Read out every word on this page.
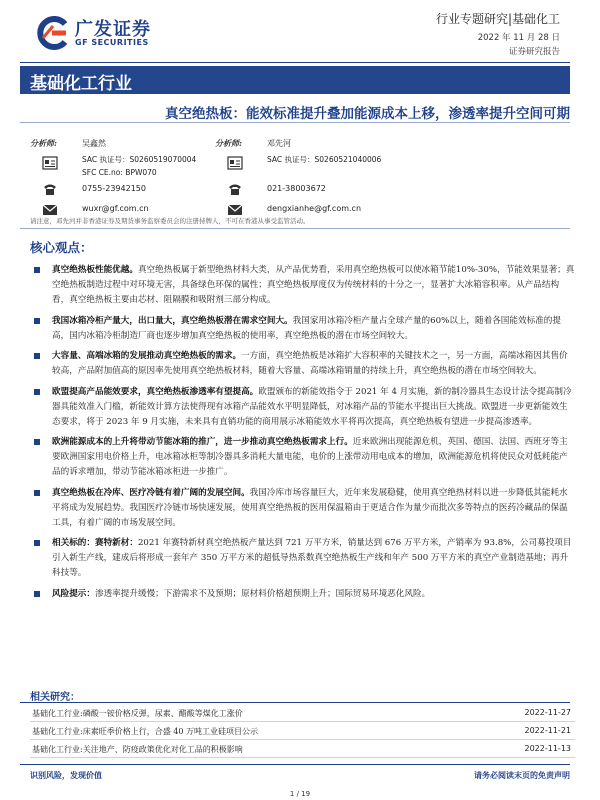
广发证券
GF SECURITIES
行业专题研究|基础化工
2022 年 11 月 28 日
证券研究报告
基础化工行业
真空绝热板：能效标准提升叠加能源成本上移，渗透率提升空间可期
分析师:	吴鑫然
SAC 执证号：S0260519070004
SFC CE.no: BPW070
0755-23942150
wuxr@gf.com.cn
分析师:	邓先河
SAC 执证号：S0260521040006
021-38003672
dengxianhe@gf.com.cn
请注意，邓先河并非香港证券及期货事务监察委员会的注册持牌人，不可在香港从事受监管活动。
核心观点：
真空绝热板性能优越。真空绝热板属于新型绝热材料大类，从产品优势看，采用真空绝热板可以使冰箱节能10%-30%，节能效果显著；真空绝热板制造过程中对环境无害，具备绿色环保的属性；真空绝热板厚度仅为传统材料的十分之一，显著扩大冰箱容积率。从产品结构看，真空绝热板主要由芯材、阻隔膜和吸附剂三部分构成。
我国冰箱冷柜产量大，出口量大，真空绝热板潜在需求空间大。我国家用冰箱冷柜产量占全球产量的60%以上，随着各国能效标准的提高，国内冰箱冷柜制造厂商也逐步增加真空绝热板的使用率，真空绝热板的潜在市场空间较大。
大容量、高端冰箱的发展推动真空绝热板的需求。一方面，真空绝热板是冰箱扩大容积率的关键技术之一，另一方面，高端冰箱因其售价较高，产品附加值高的原因率先使用真空绝热板材料，随着大容量、高端冰箱销量的持续上升，真空绝热板的潜在市场空间较大。
欧盟提高产品能效要求，真空绝热板渗透率有望提高。欧盟颁布的新能效指令于 2021 年 4 月实施，新的制冷器具生态设计法令提高制冷器具能效准入门槛，新能效计算方法使得现有冰箱产品能效水平明显降低，对冰箱产品的节能水平提出巨大挑战。欧盟进一步更新能效生态要求，将于 2023 年 9 月实施，未来具有直销功能的商用展示冰箱能效水平将再次提高，真空绝热板有望进一步提高渗透率。
欧洲能源成本的上升将带动节能冰箱的推广，进一步推动真空绝热板需求上行。近来欧洲出现能源危机，英国、德国、法国、西班牙等主要欧洲国家用电价格上升，电冰箱冰柜等制冷器具多消耗大量电能，电价的上涨带动用电成本的增加，欧洲能源危机将使民众对低耗能产品的诉求增加，带动节能冰箱冰柜进一步推广。
真空绝热板在冷库、医疗冷链有着广阔的发展空间。我国冷库市场容量巨大，近年来发展稳健，使用真空绝热材料以进一步降低其能耗水平将成为发展趋势。我国医疗冷链市场快速发展，使用真空绝热板的医用保温箱由于更适合作为量少而批次多等特点的医药冷藏品的保温工具，有着广阔的市场发展空间。
相关标的：赛特新材：2021 年赛特新材真空绝热板产量达到 721 万平方米，销量达到 676 万平方米，产销率为 93.8%，公司募投项目引入新生产线，建成后将形成一套年产 350 万平方米的超低导热系数真空绝热板生产线和年产 500 万平方米的真空产业制造基地；再升科技等。
风险提示：渗透率提升缓慢；下游需求不及预期；原材料价格超预期上升；国际贸易环境恶化风险。
相关研究：
基础化工行业:磷酸一铵价格反弹，尿素、醋酸等煤化工涨价	2022-11-27
基础化工行业:床素旺季价格上行，合盛 40 万吨工业硅项目公示	2022-11-21
基础化工行业:关注地产、防疫政策优化对化工品的积极影响	2022-11-13
识别风险，发现价值	请务必阅读末页的免责声明
1 / 19
